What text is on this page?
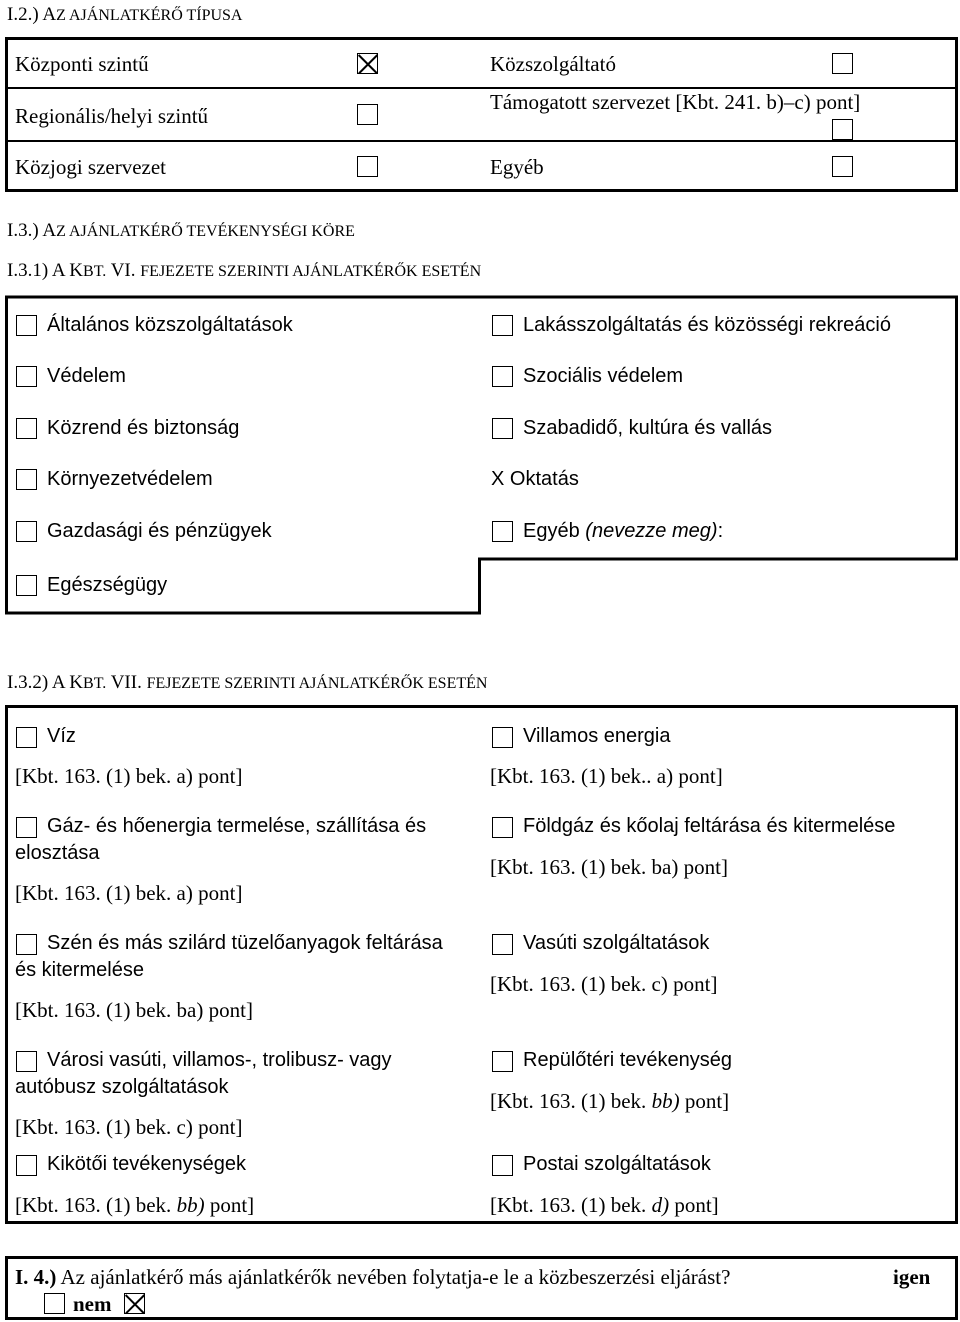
I.2.) AZ AJÁNLATKÉRŐ TÍPUSA
Központi szintű
Regionális/helyi szintű
Közjogi szervezet
Közszolgáltató
Támogatott szervezet [Kbt. 241. b)–c) pont]
Egyéb
I.3.) AZ AJÁNLATKÉRŐ TEVÉKENYSÉGI KÖRE
I.3.1) A KBT. VI. FEJEZETE SZERINTI AJÁNLATKÉRŐK ESETÉN
Általános közszolgáltatások
Védelem
Közrend és biztonság
Környezetvédelem
Gazdasági és pénzügyek
Egészségügy
Lakásszolgáltatás és közösségi rekreáció
Szociális védelem
Szabadidő, kultúra és vallás
X Oktatás
Egyéb (nevezze meg):
I.3.2) A KBT. VII. FEJEZETE SZERINTI AJÁNLATKÉRŐK ESETÉN
Víz
[Kbt. 163. (1) bek. a) pont]
Gáz- és hőenergia termelése, szállítása és
elosztása
[Kbt. 163. (1) bek. a) pont]
Szén és más szilárd tüzelőanyagok feltárása
és kitermelése
[Kbt. 163. (1) bek. ba) pont]
Városi vasúti, villamos-, trolibusz- vagy
autóbusz szolgáltatások
[Kbt. 163. (1) bek. c) pont]
Kikötői tevékenységek
[Kbt. 163. (1) bek. bb) pont]
Villamos energia
[Kbt. 163. (1) bek.. a) pont]
Földgáz és kőolaj feltárása és kitermelése
[Kbt. 163. (1) bek. ba) pont]
Vasúti szolgáltatások
[Kbt. 163. (1) bek. c) pont]
Repülőtéri tevékenység
[Kbt. 163. (1) bek. bb) pont]
Postai szolgáltatások
[Kbt. 163. (1) bek. d) pont]
I. 4.) Az ajánlatkérő más ajánlatkérők nevében folytatja-e le a közbeszerzési eljárást?	igen
nem
